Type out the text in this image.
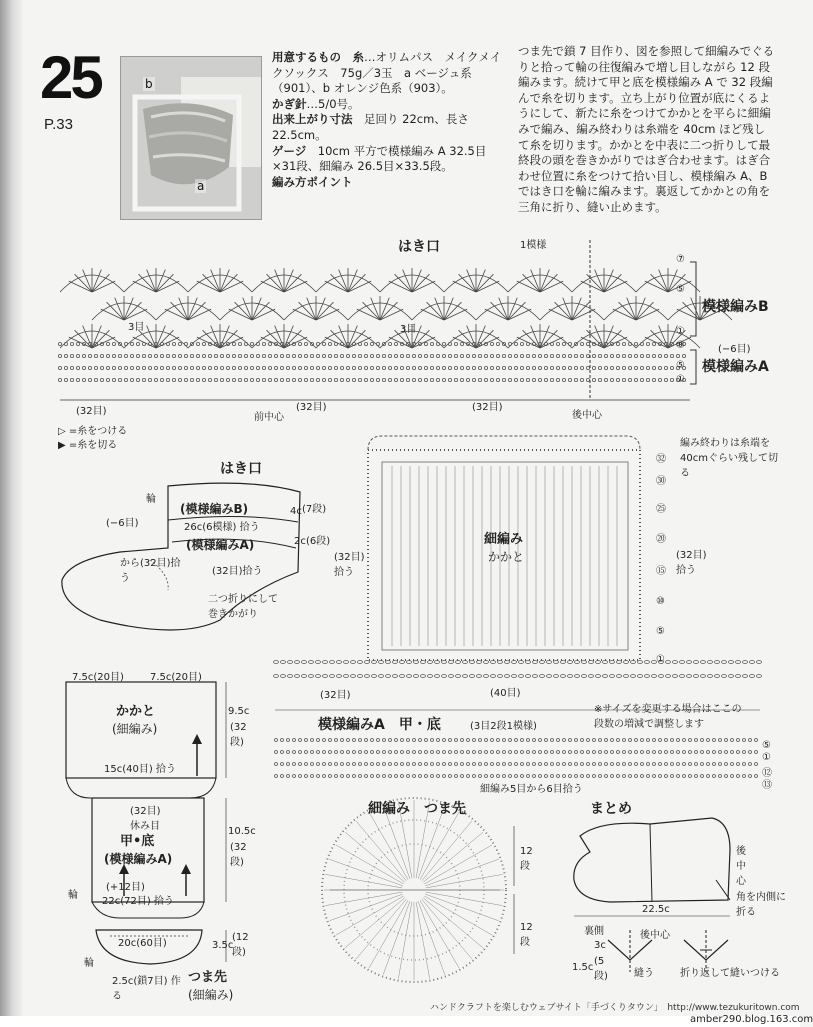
25
P.33
b
a
用意するもの　糸…オリムパス　メイクメイクソックス　75g／3玉　a ベージュ系（901）、b オレンジ色系（903）。
かぎ針…5/0号。
出来上がり寸法　 足回り 22cm、長さ 22.5cm。
ゲージ　 10cm 平方で模様編み A 32.5目×31段、細編み 26.5目×33.5段。
編み方ポイント
つま先で鎖 7 目作り、図を参照して細編みでぐるりと拾って輪の往復編みで増し目しながら 12 段編みます。続けて甲と底を模様編み A で 32 段編んで糸を切ります。立ち上がり位置が底にくるようにして、新たに糸をつけてかかとを平らに細編みで編み、編み終わりは糸端を 40cm ほど残して糸を切ります。かかとを中表に二つ折りして最終段の頭を巻きかがりではぎ合わせます。はぎ合わせ位置に糸をつけて拾い目し、模様編み A、B ではき口を輪に編みます。裏返してかかとの角を三角に折り、縫い止めます。
はき口	1模様
3目	3目
模様編みB
(−6目)
模様編みA
(32目)	(32目)	(32目)
前中心	後中心
⑦
⑤
①
⑧
⑤
①
▷ =糸をつける
▶ =糸を切る
はき口
輪
(模様編みB)
(−6目)	26c(6模様) 拾う
(模様編みA)
4c (7段)
2c (6段)
から(32目)拾う
(32目)拾う
二つ折りにして巻きかがり
細編み
かかと
編み終わりは糸端を40cmぐらい残して切る
(32目)拾う
(32目)拾う
(32目)	(40目)
㉜
㉚
㉕
⑳
⑮
⑩
⑤
①
模様編みA　甲・底	(3目2段1模様)
※サイズを変更する場合はここの段数の増減で調整します
細編み5目から6目拾う
⑤
①
⑫
⑬
7.5c(20目)	7.5c(20目)
かかと
(細編み)
15c(40目) 拾う
9.5c
(32段)
(32目)休み目
甲•底
(模様編みA)
10.5c
(32段)
(+12目)
22c(72目) 拾う
輪
20c(60目)	3.5c
(12段)
輪
2.5c(鎖7目) 作る
つま先
(細編み)
細編み　つま先
12段
12段
まとめ
後中心
角を内側に折る
22.5c
裏側	後中心
3c
1.5c
(5段)	縫う	折り返して縫いつける
ハンドクラフトを楽しむウェブサイト「手づくりタウン」　http://www.tezukuritown.com
amber290.blog.163.com
